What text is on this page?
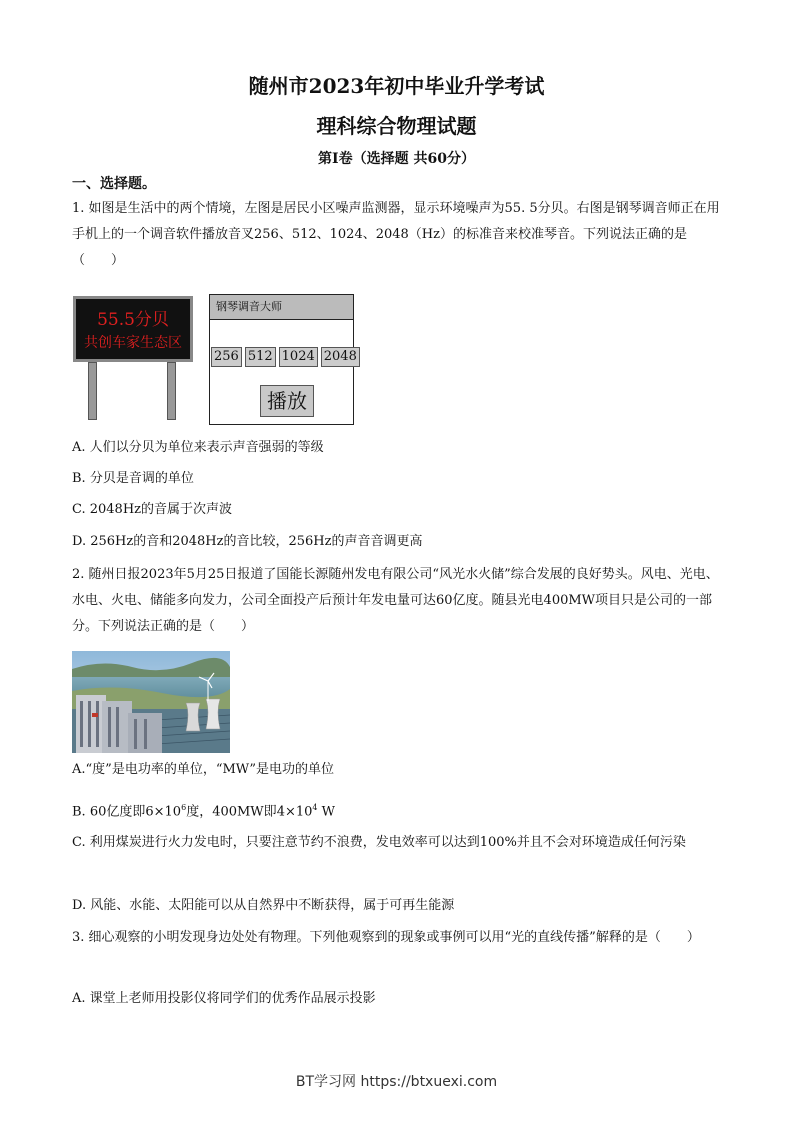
随州市2023年初中毕业升学考试
理科综合物理试题
第I卷（选择题 共60分）
一、选择题。
1. 如图是生活中的两个情境，左图是居民小区噪声监测器，显示环境噪声为55. 5分贝。右图是钢琴调音师正在用手机上的一个调音软件播放音叉256、512、1024、2048（Hz）的标准音来校准琴音。下列说法正确的是（　　）
55.5分贝
共创车家生态区
钢琴调音大师
256 512 1024 2048
播放
A. 人们以分贝为单位来表示声音强弱的等级
B. 分贝是音调的单位
C. 2048Hz的音属于次声波
D. 256Hz的音和2048Hz的音比较，256Hz的声音音调更高
2. 随州日报2023年5月25日报道了国能长源随州发电有限公司“风光水火储”综合发展的良好势头。风电、光电、水电、火电、储能多向发力，公司全面投产后预计年发电量可达60亿度。随县光电400MW项目只是公司的一部分。下列说法正确的是（　　）
A.“度”是电功率的单位，“MW”是电功的单位
B. 60亿度即$6\times 10^6$度，400MW即$4\times 10^4$ W
C. 利用煤炭进行火力发电时，只要注意节约不浪费，发电效率可以达到100%并且不会对环境造成任何污染
D. 风能、水能、太阳能可以从自然界中不断获得，属于可再生能源
3. 细心观察的小明发现身边处处有物理。下列他观察到的现象或事例可以用“光的直线传播”解释的是（　　）
A. 课堂上老师用投影仪将同学们的优秀作品展示投影
BT学习网 https://btxuexi.com
